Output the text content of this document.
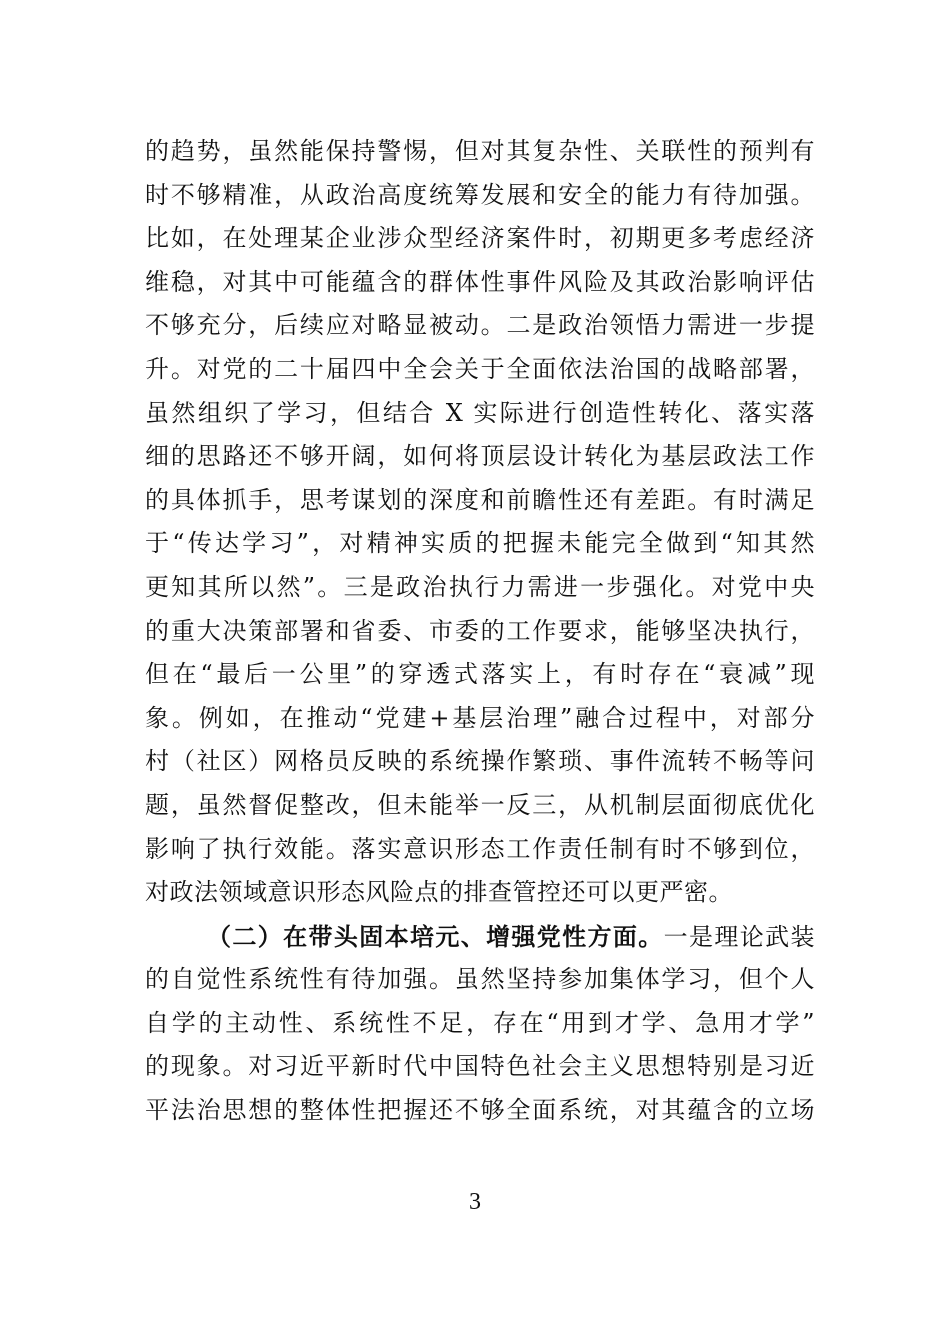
的趋势，虽然能保持警惕，但对其复杂性、关联性的预判有
时不够精准，从政治高度统筹发展和安全的能力有待加强。
比如，在处理某企业涉众型经济案件时，初期更多考虑经济
维稳，对其中可能蕴含的群体性事件风险及其政治影响评估
不够充分，后续应对略显被动。二是政治领悟力需进一步提
升。对党的二十届四中全会关于全面依法治国的战略部署，
虽然组织了学习，但结合 X 实际进行创造性转化、落实落
细的思路还不够开阔，如何将顶层设计转化为基层政法工作
的具体抓手，思考谋划的深度和前瞻性还有差距。有时满足
于“传达学习”，对精神实质的把握未能完全做到“知其然
更知其所以然”。三是政治执行力需进一步强化。对党中央
的重大决策部署和省委、市委的工作要求，能够坚决执行，
但在“最后一公里”的穿透式落实上，有时存在“衰减”现
象。例如，在推动“党建+基层治理”融合过程中，对部分
村（社区）网格员反映的系统操作繁琐、事件流转不畅等问
题，虽然督促整改，但未能举一反三，从机制层面彻底优化
影响了执行效能。落实意识形态工作责任制有时不够到位，
对政法领域意识形态风险点的排查管控还可以更严密。
（二）在带头固本培元、增强党性方面。一是理论武装
的自觉性系统性有待加强。虽然坚持参加集体学习，但个人
自学的主动性、系统性不足，存在“用到才学、急用才学”
的现象。对习近平新时代中国特色社会主义思想特别是习近
平法治思想的整体性把握还不够全面系统，对其蕴含的立场
3
